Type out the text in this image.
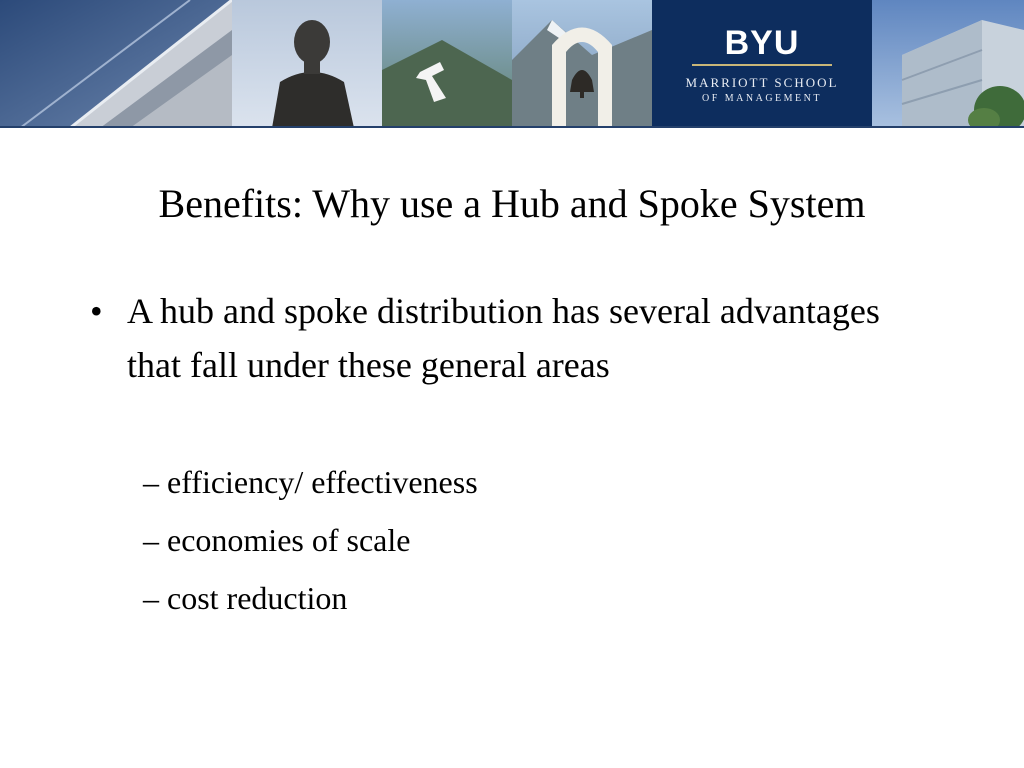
BYU
MARRIOTT SCHOOL
OF MANAGEMENT
Benefits: Why use a Hub and Spoke System
• A hub and spoke distribution has several advantages that fall under these general areas
– efficiency/ effectiveness
– economies of scale
– cost reduction
